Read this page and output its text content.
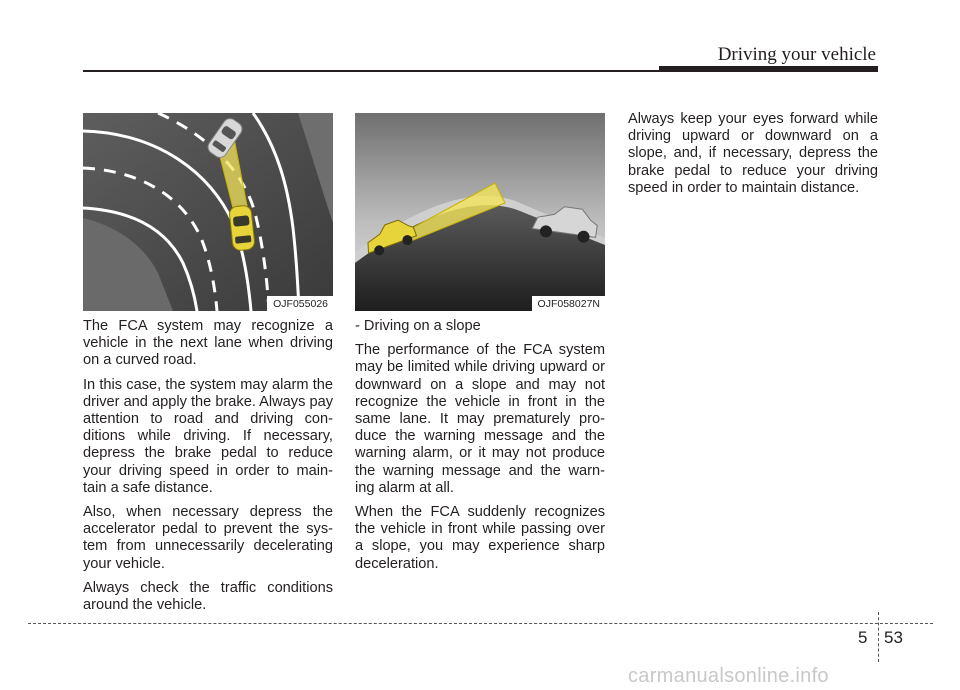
Driving your vehicle
OJF055026	OJF058027N

The FCA system may recognize a vehicle in the next lane when driving on a curved road.

In this case, the system may alarm the driver and apply the brake. Always pay attention to road and driving con-ditions while driving. If necessary, depress the brake pedal to reduce your driving speed in order to main-tain a safe distance.

Also, when necessary depress the accelerator pedal to prevent the sys-tem from unnecessarily decelerating your vehicle.

Always check the traffic conditions around the vehicle.

- Driving on a slope

The performance of the FCA system may be limited while driving upward or downward on a slope and may not recognize the vehicle in front in the same lane. It may prematurely pro-duce the warning message and the warning alarm, or it may not produce the warning message and the warn-ing alarm at all.

When the FCA suddenly recognizes the vehicle in front while passing over a slope, you may experience sharp deceleration.

Always keep your eyes forward while driving upward or downward on a slope, and, if necessary, depress the brake pedal to reduce your driving speed in order to maintain distance.

5 53
carmanualsonline.info
